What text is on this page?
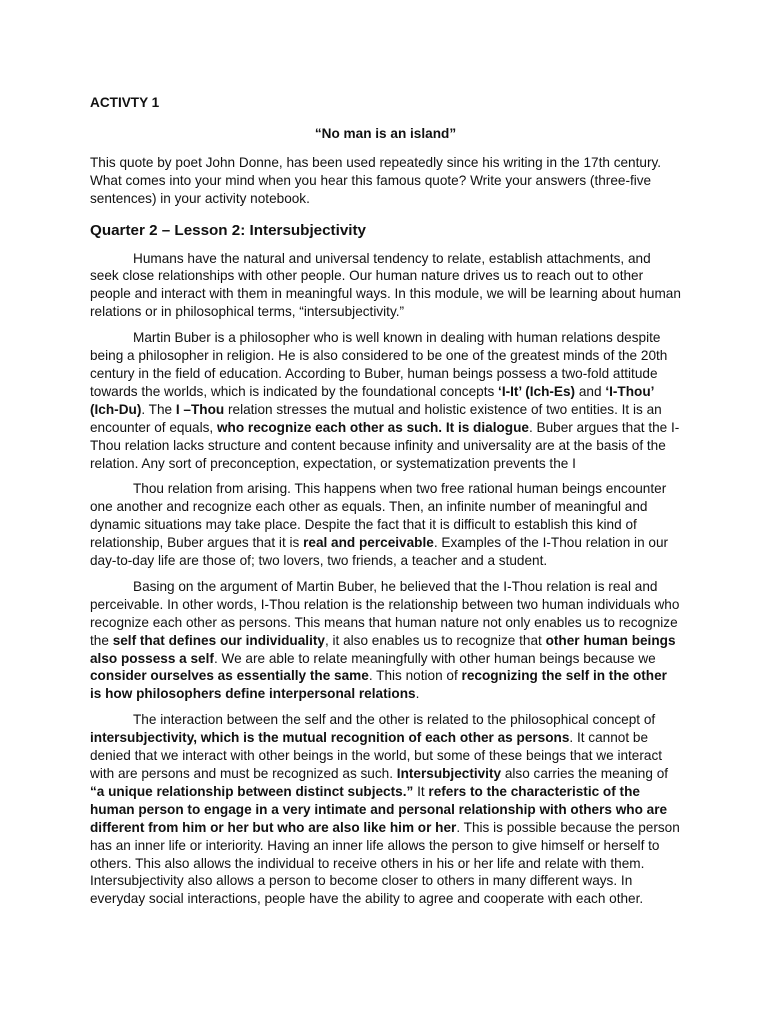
ACTIVTY 1

“No man is an island”

This quote by poet John Donne, has been used repeatedly since his writing in the 17th century. What comes into your mind when you hear this famous quote? Write your answers (three-five sentences) in your activity notebook.

Quarter 2 – Lesson 2: Intersubjectivity

Humans have the natural and universal tendency to relate, establish attachments, and seek close relationships with other people. Our human nature drives us to reach out to other people and interact with them in meaningful ways. In this module, we will be learning about human relations or in philosophical terms, “intersubjectivity.”

Martin Buber is a philosopher who is well known in dealing with human relations despite being a philosopher in religion. He is also considered to be one of the greatest minds of the 20th century in the field of education. According to Buber, human beings possess a two-fold attitude towards the worlds, which is indicated by the foundational concepts ‘I-It’ (Ich-Es) and ‘I-Thou’ (Ich-Du). The I –Thou relation stresses the mutual and holistic existence of two entities. It is an encounter of equals, who recognize each other as such. It is dialogue. Buber argues that the I-Thou relation lacks structure and content because infinity and universality are at the basis of the relation. Any sort of preconception, expectation, or systematization prevents the I

Thou relation from arising. This happens when two free rational human beings encounter one another and recognize each other as equals. Then, an infinite number of meaningful and dynamic situations may take place. Despite the fact that it is difficult to establish this kind of relationship, Buber argues that it is real and perceivable. Examples of the I-Thou relation in our day-to-day life are those of; two lovers, two friends, a teacher and a student.

Basing on the argument of Martin Buber, he believed that the I-Thou relation is real and perceivable. In other words, I-Thou relation is the relationship between two human individuals who recognize each other as persons. This means that human nature not only enables us to recognize the self that defines our individuality, it also enables us to recognize that other human beings also possess a self. We are able to relate meaningfully with other human beings because we consider ourselves as essentially the same. This notion of recognizing the self in the other is how philosophers define interpersonal relations.

The interaction between the self and the other is related to the philosophical concept of intersubjectivity, which is the mutual recognition of each other as persons. It cannot be denied that we interact with other beings in the world, but some of these beings that we interact with are persons and must be recognized as such. Intersubjectivity also carries the meaning of “a unique relationship between distinct subjects.” It refers to the characteristic of the human person to engage in a very intimate and personal relationship with others who are different from him or her but who are also like him or her. This is possible because the person has an inner life or interiority. Having an inner life allows the person to give himself or herself to others. This also allows the individual to receive others in his or her life and relate with them. Intersubjectivity also allows a person to become closer to others in many different ways. In everyday social interactions, people have the ability to agree and cooperate with each other.
